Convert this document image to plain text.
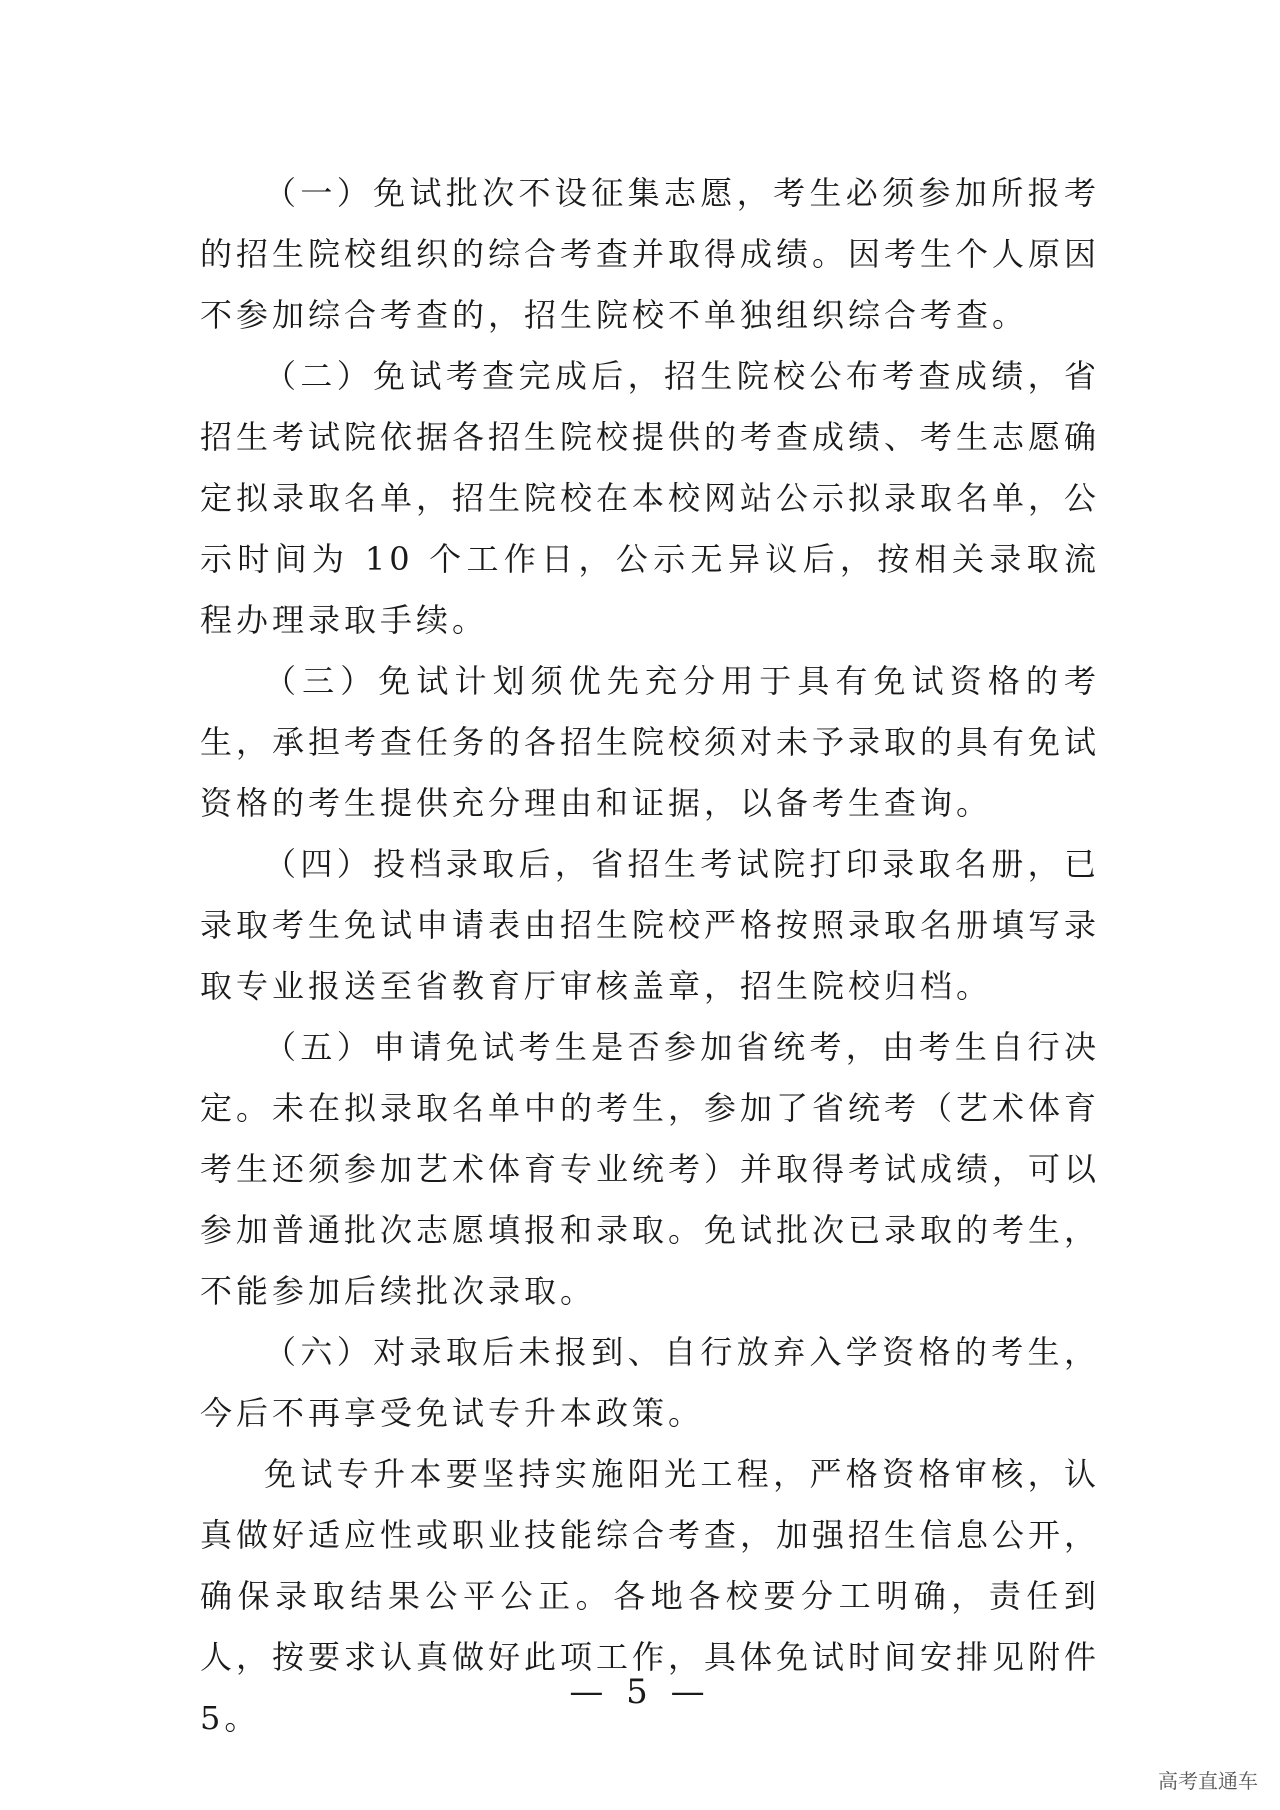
（一）免试批次不设征集志愿，考生必须参加所报考的招生院校组织的综合考查并取得成绩。因考生个人原因不参加综合考查的，招生院校不单独组织综合考查。

（二）免试考查完成后，招生院校公布考查成绩，省招生考试院依据各招生院校提供的考查成绩、考生志愿确定拟录取名单，招生院校在本校网站公示拟录取名单，公示时间为 10 个工作日，公示无异议后，按相关录取流程办理录取手续。

（三）免试计划须优先充分用于具有免试资格的考生，承担考查任务的各招生院校须对未予录取的具有免试资格的考生提供充分理由和证据，以备考生查询。

（四）投档录取后，省招生考试院打印录取名册，已录取考生免试申请表由招生院校严格按照录取名册填写录取专业报送至省教育厅审核盖章，招生院校归档。

（五）申请免试考生是否参加省统考，由考生自行决定。未在拟录取名单中的考生，参加了省统考（艺术体育考生还须参加艺术体育专业统考）并取得考试成绩，可以参加普通批次志愿填报和录取。免试批次已录取的考生，不能参加后续批次录取。

（六）对录取后未报到、自行放弃入学资格的考生，今后不再享受免试专升本政策。

免试专升本要坚持实施阳光工程，严格资格审核，认真做好适应性或职业技能综合考查，加强招生信息公开，确保录取结果公平公正。各地各校要分工明确，责任到人，按要求认真做好此项工作，具体免试时间安排见附件 5。

— 5 —
高考直通车
